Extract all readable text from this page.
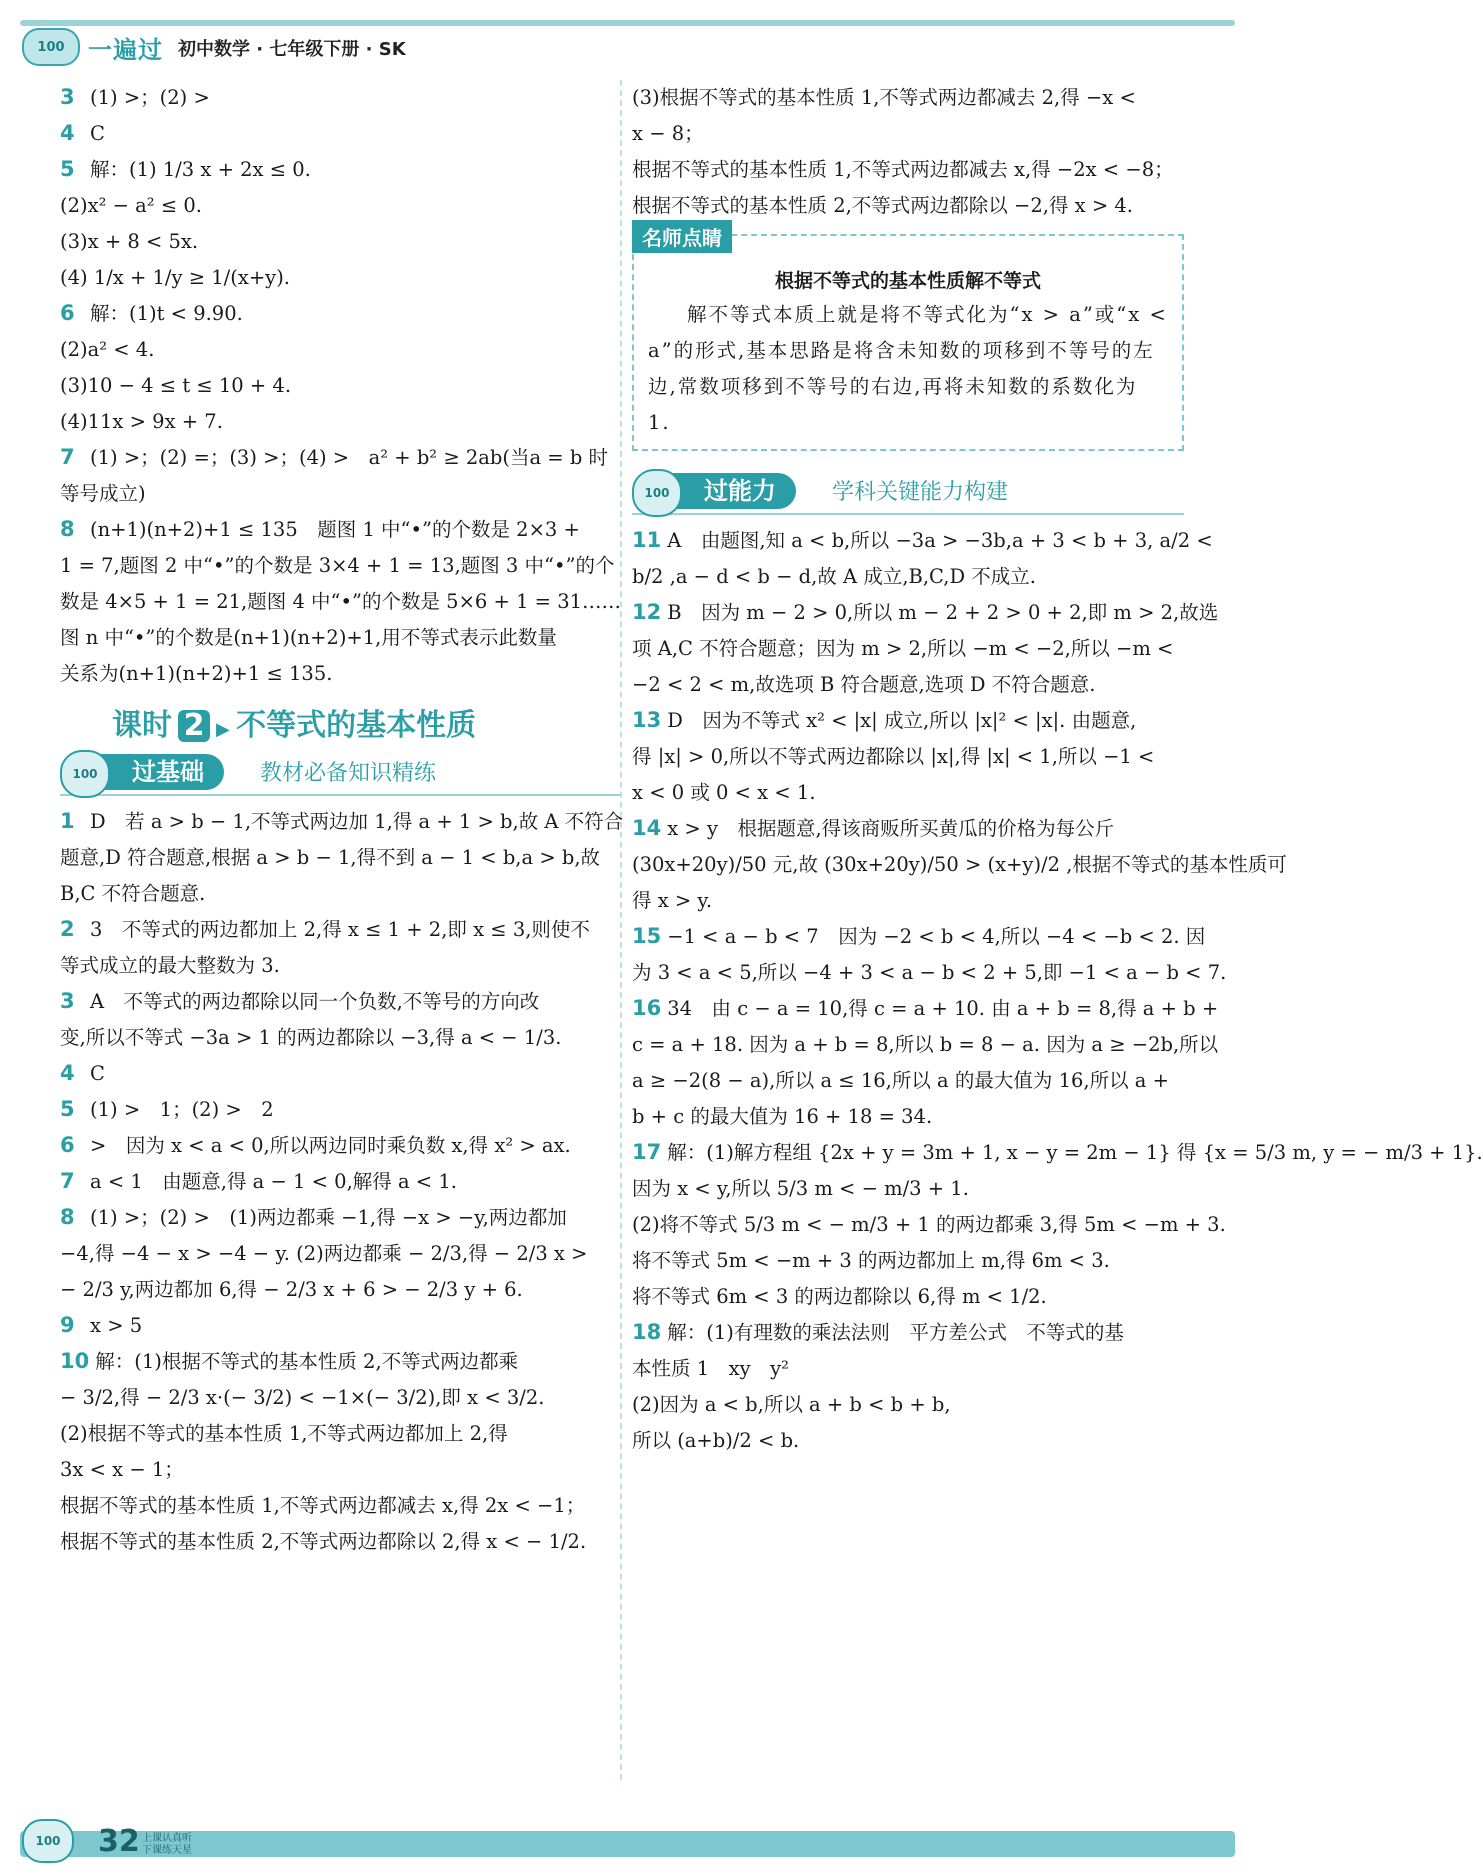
100 一遍过 初中数学 · 七年级下册 · SK
3 (1) >；(2) >
4 C
5 解：(1) 1/3 x + 2x ≤ 0.
(2)x² − a² ≤ 0.
(3)x + 8 < 5x.
(4) 1/x + 1/y ≥ 1/(x+y).
6 解：(1)t < 9.90.
(2)a² < 4.
(3)10 − 4 ≤ t ≤ 10 + 4.
(4)11x > 9x + 7.
7 (1) >；(2) =；(3) >；(4) >　a² + b² ≥ 2ab(当a = b 时
等号成立)
8 (n+1)(n+2)+1 ≤ 135　题图 1 中“•”的个数是 2×3 +
1 = 7,题图 2 中“•”的个数是 3×4 + 1 = 13,题图 3 中“•”的个
数是 4×5 + 1 = 21,题图 4 中“•”的个数是 5×6 + 1 = 31……
图 n 中“•”的个数是(n+1)(n+2)+1,用不等式表示此数量
关系为(n+1)(n+2)+1 ≤ 135.
课时 2 ▶ 不等式的基本性质
过基础
100	教材必备知识精练
1 D　若 a > b − 1,不等式两边加 1,得 a + 1 > b,故 A 不符合
题意,D 符合题意,根据 a > b − 1,得不到 a − 1 < b,a > b,故
B,C 不符合题意.
2 3　不等式的两边都加上 2,得 x ≤ 1 + 2,即 x ≤ 3,则使不
等式成立的最大整数为 3.
3 A　不等式的两边都除以同一个负数,不等号的方向改
变,所以不等式 −3a > 1 的两边都除以 −3,得 a < − 1/3.
4 C
5 (1) >　1；(2) >　2
6 >　因为 x < a < 0,所以两边同时乘负数 x,得 x² > ax.
7 a < 1　由题意,得 a − 1 < 0,解得 a < 1.
8 (1) >；(2) >　(1)两边都乘 −1,得 −x > −y,两边都加
−4,得 −4 − x > −4 − y. (2)两边都乘 − 2/3,得 − 2/3 x >
− 2/3 y,两边都加 6,得 − 2/3 x + 6 > − 2/3 y + 6.
9 x > 5
10 解：(1)根据不等式的基本性质 2,不等式两边都乘
− 3/2,得 − 2/3 x·(− 3/2) < −1×(− 3/2),即 x < 3/2.
(2)根据不等式的基本性质 1,不等式两边都加上 2,得
3x < x − 1；
根据不等式的基本性质 1,不等式两边都减去 x,得 2x < −1；
根据不等式的基本性质 2,不等式两边都除以 2,得 x < − 1/2.
(3)根据不等式的基本性质 1,不等式两边都减去 2,得 −x <
x − 8；
根据不等式的基本性质 1,不等式两边都减去 x,得 −2x < −8；
根据不等式的基本性质 2,不等式两边都除以 −2,得 x > 4.
名师点睛
根据不等式的基本性质解不等式
解不等式本质上就是将不等式化为“x > a”或“x < a”的形式,基本思路是将含未知数的项移到不等号的左边,常数项移到不等号的右边,再将未知数的系数化为 1.
过能力
100	学科关键能力构建
11 A　由题图,知 a < b,所以 −3a > −3b,a + 3 < b + 3, a/2 <
b/2 ,a − d < b − d,故 A 成立,B,C,D 不成立.
12 B　因为 m − 2 > 0,所以 m − 2 + 2 > 0 + 2,即 m > 2,故选
项 A,C 不符合题意；因为 m > 2,所以 −m < −2,所以 −m <
−2 < 2 < m,故选项 B 符合题意,选项 D 不符合题意.
13 D　因为不等式 x² < |x| 成立,所以 |x|² < |x|. 由题意,
得 |x| > 0,所以不等式两边都除以 |x|,得 |x| < 1,所以 −1 <
x < 0 或 0 < x < 1.
14 x > y　根据题意,得该商贩所买黄瓜的价格为每公斤
(30x+20y)/50 元,故 (30x+20y)/50 > (x+y)/2 ,根据不等式的基本性质可
得 x > y.
15 −1 < a − b < 7　因为 −2 < b < 4,所以 −4 < −b < 2. 因
为 3 < a < 5,所以 −4 + 3 < a − b < 2 + 5,即 −1 < a − b < 7.
16 34　由 c − a = 10,得 c = a + 10. 由 a + b = 8,得 a + b +
c = a + 18. 因为 a + b = 8,所以 b = 8 − a. 因为 a ≥ −2b,所以
a ≥ −2(8 − a),所以 a ≤ 16,所以 a 的最大值为 16,所以 a +
b + c 的最大值为 16 + 18 = 34.
17 解：(1)解方程组 {2x + y = 3m + 1, x − y = 2m − 1} 得 {x = 5/3 m, y = − m/3 + 1}.
因为 x < y,所以 5/3 m < − m/3 + 1.
(2)将不等式 5/3 m < − m/3 + 1 的两边都乘 3,得 5m < −m + 3.
将不等式 5m < −m + 3 的两边都加上 m,得 6m < 3.
将不等式 6m < 3 的两边都除以 6,得 m < 1/2.
18 解：(1)有理数的乘法法则　平方差公式　不等式的基
本性质 1　xy　y²
(2)因为 a < b,所以 a + b < b + b,
所以 (a+b)/2 < b.
100	32 上课认真听
下课练天星
